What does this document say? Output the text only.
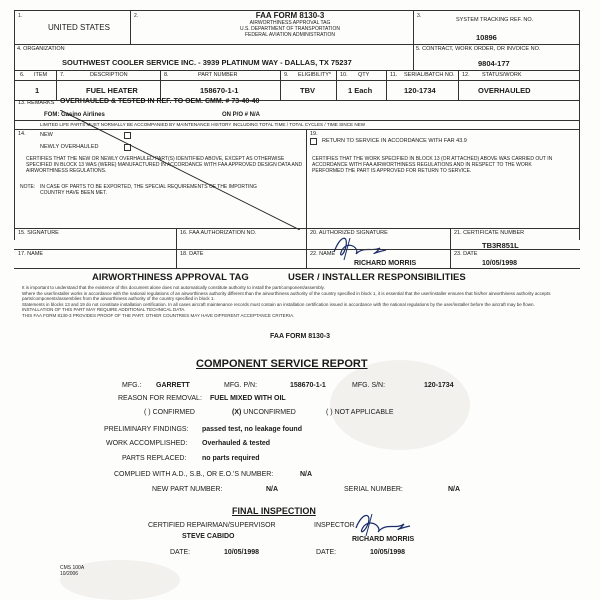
1.
UNITED STATES
2.	FAA FORM 8130-3
AIRWORTHINESS APPROVAL TAG
U.S. DEPARTMENT OF TRANSPORTATION
FEDERAL AVIATION ADMINISTRATION
3.
SYSTEM TRACKING REF. NO.
10896
4. ORGANIZATION
SOUTHWEST COOLER SERVICE INC. - 3939 PLATINUM WAY - DALLAS, TX 75237
5. CONTRACT, WORK ORDER, OR INVOICE NO.
9804-177
6. ITEM 7.	DESCRIPTION	8.	PART NUMBER	9. ELIGIBILITY* 10. QTY	11. SERIAL/BATCH NO. 12. STATUS/WORK
1	FUEL HEATER	158670-1-1	TBV	1 Each	120-1734	OVERHAULED
13. REMARKS OVERHAULED & TESTED IN REF. TO OEM. CMM. # 73-40-40
FOM: Gasino Airlines	ON P/O # N/A
LIMITED LIFE PARTS MUST NORMALLY BE ACCOMPANIED BY MAINTENANCE HISTORY INCLUDING TOTAL TIME / TOTAL CYCLES / TIME SINCE NEW
14.	NEW
NEWLY OVERHAULED
CERTIFIES THAT THE NEW OR NEWLY OVERHAULED PART(S) IDENTIFIED ABOVE, EXCEPT AS OTHERWISE SPECIFIED IN BLOCK 13 WAS (WERE) MANUFACTURED IN ACCORDANCE WITH FAA APPROVED DESIGN DATA AND AIRWORTHINESS REGULATIONS.
NOTE: IN CASE OF PARTS TO BE EXPORTED, THE SPECIAL REQUIREMENTS OF THE IMPORTING COUNTRY HAVE BEEN MET.
19.
RETURN TO SERVICE IN ACCORDANCE WITH FAR 43.9
CERTIFIES THAT THE WORK SPECIFIED IN BLOCK 13 (OR ATTACHED) ABOVE WAS CARRIED OUT IN ACCORDANCE WITH FAA AIRWORTHINESS REGULATIONS AND IN RESPECT TO THE WORK PERFORMED THE PART IS APPROVED FOR RETURN TO SERVICE.
15. SIGNATURE	16. FAA AUTHORIZATION NO.	20. AUTHORIZED SIGNATURE	21. CERTIFICATE NUMBER
TB3R851L
17. NAME	18. DATE	22. NAME
RICHARD MORRIS
23. DATE
10/05/1998
AIRWORTHINESS APPROVAL TAG	USER / INSTALLER RESPONSIBILITIES
It is important to understand that the existence of this document alone does not automatically constitute authority to install the part/component/assembly.
Where the user/installer works in accordance with the national regulations of an airworthiness authority different than the airworthiness authority of the country specified in block 1, it is essential that the user/installer ensures that his/her airworthiness authority accepts parts/components/assemblies from the airworthiness authority of the country specified in block 1.
Statements in blocks 13 and 19 do not constitute installation certification. In all cases aircraft maintenance records must contain an installation certification issued in accordance with the national regulations by the user/installer before the aircraft may be flown.
INSTALLATION OF THIS PART MAY REQUIRE ADDITIONAL TECHNICAL DATA.
THIS FAA FORM 8130-3 PROVIDES PROOF OF THE PART. OTHER COUNTRIES MAY HAVE DIFFERENT ACCEPTANCE CRITERIA.
FAA FORM 8130-3
COMPONENT SERVICE REPORT
MFG.: GARRETT	MFG. P/N:	158670-1-1	MFG. S/N:	120-1734
REASON FOR REMOVAL: FUEL MIXED WITH OIL
( ) CONFIRMED	(X) UNCONFIRMED	( ) NOT APPLICABLE
PRELIMINARY FINDINGS: passed test, no leakage found
WORK ACCOMPLISHED: Overhauled & tested
PARTS REPLACED: no parts required
COMPLIED WITH A.D., S.B., OR E.O.'S NUMBER:	N/A
NEW PART NUMBER:	N/A	SERIAL NUMBER:	N/A
FINAL INSPECTION
CERTIFIED REPAIRMAN/SUPERVISOR
STEVE CABIDO
INSPECTOR
RICHARD MORRIS
DATE:	10/05/1998	DATE:	10/05/1998
CMS 100A
10/2006
